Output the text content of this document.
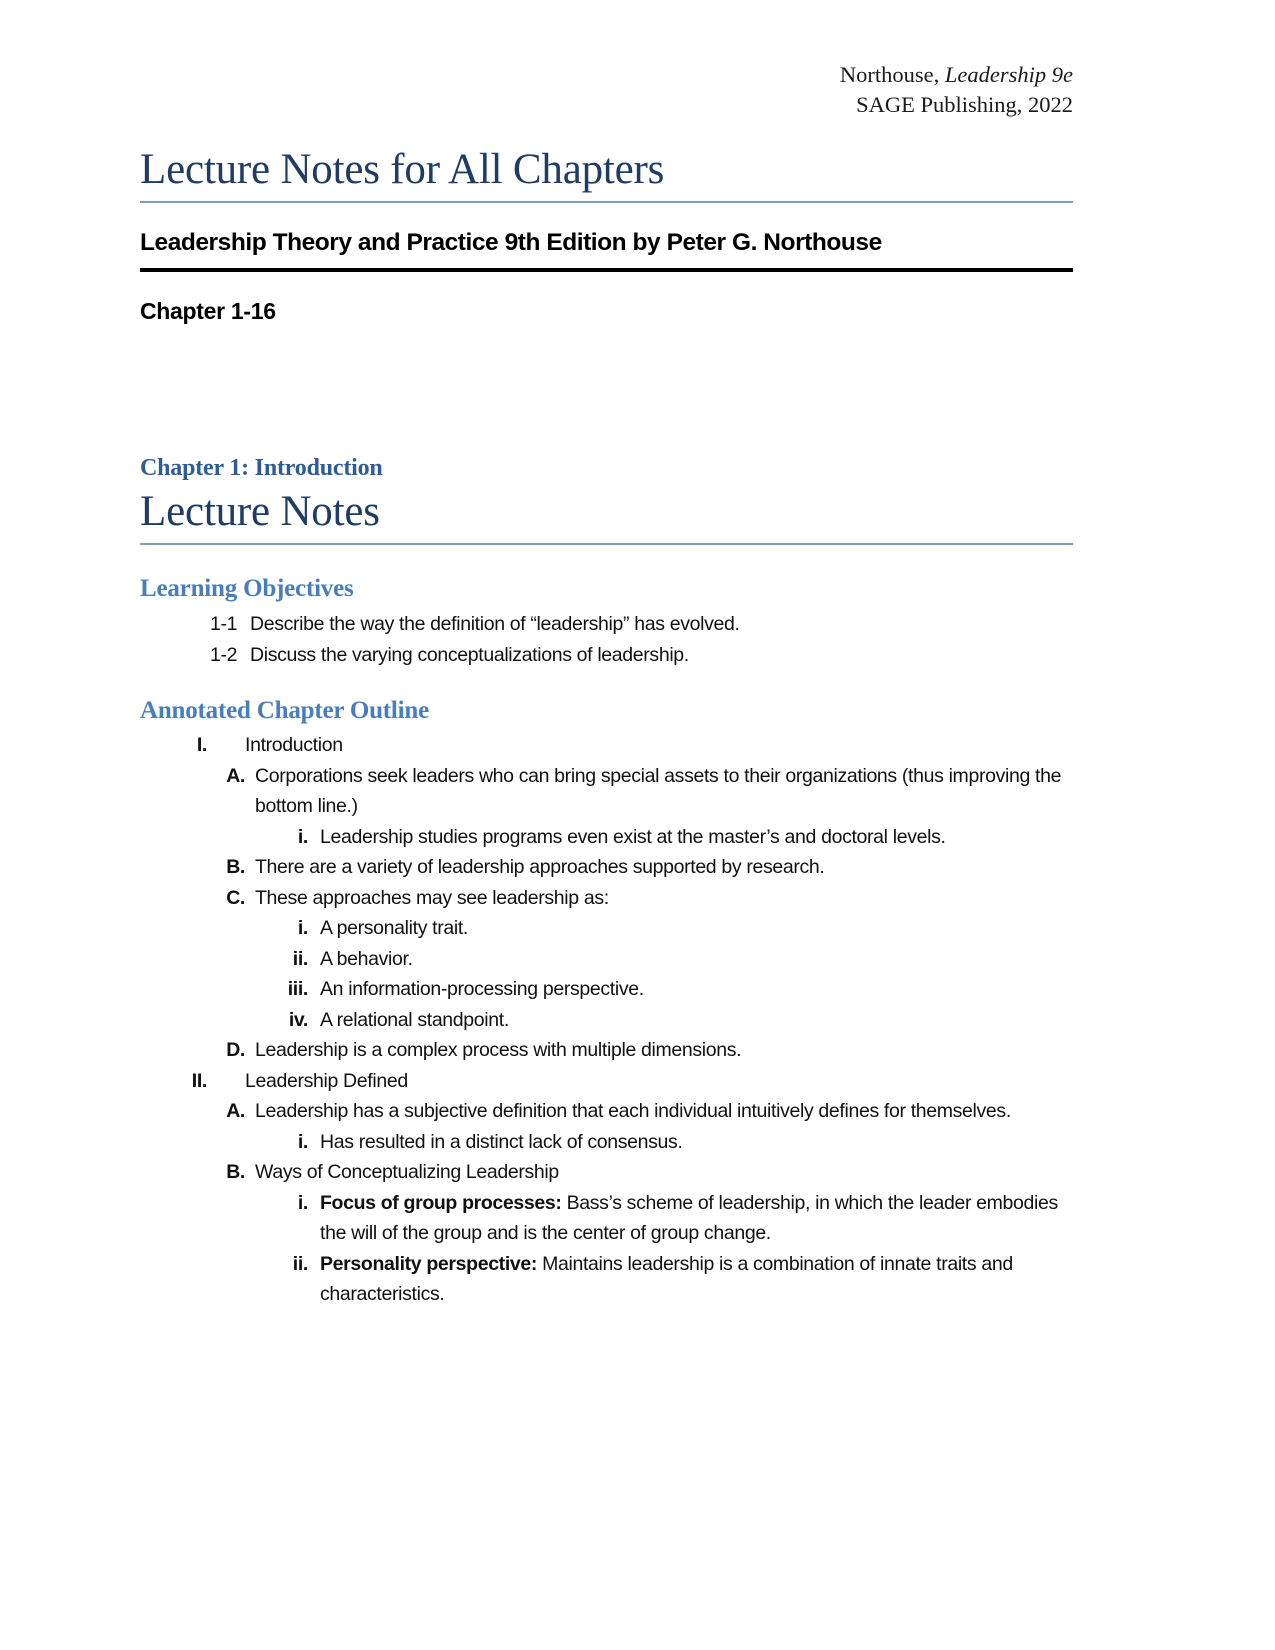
Northouse, Leadership 9e
SAGE Publishing, 2022
Lecture Notes for All Chapters
Leadership Theory and Practice 9th Edition by Peter G. Northouse
Chapter 1-16
Chapter 1: Introduction
Lecture Notes
Learning Objectives
1-1 Describe the way the definition of “leadership” has evolved.
1-2 Discuss the varying conceptualizations of leadership.
Annotated Chapter Outline
I. Introduction
A. Corporations seek leaders who can bring special assets to their organizations (thus improving the bottom line.)
i. Leadership studies programs even exist at the master’s and doctoral levels.
B. There are a variety of leadership approaches supported by research.
C. These approaches may see leadership as:
i. A personality trait.
ii. A behavior.
iii. An information-processing perspective.
iv. A relational standpoint.
D. Leadership is a complex process with multiple dimensions.
II. Leadership Defined
A. Leadership has a subjective definition that each individual intuitively defines for themselves.
i. Has resulted in a distinct lack of consensus.
B. Ways of Conceptualizing Leadership
i. Focus of group processes: Bass’s scheme of leadership, in which the leader embodies the will of the group and is the center of group change.
ii. Personality perspective: Maintains leadership is a combination of innate traits and characteristics.
